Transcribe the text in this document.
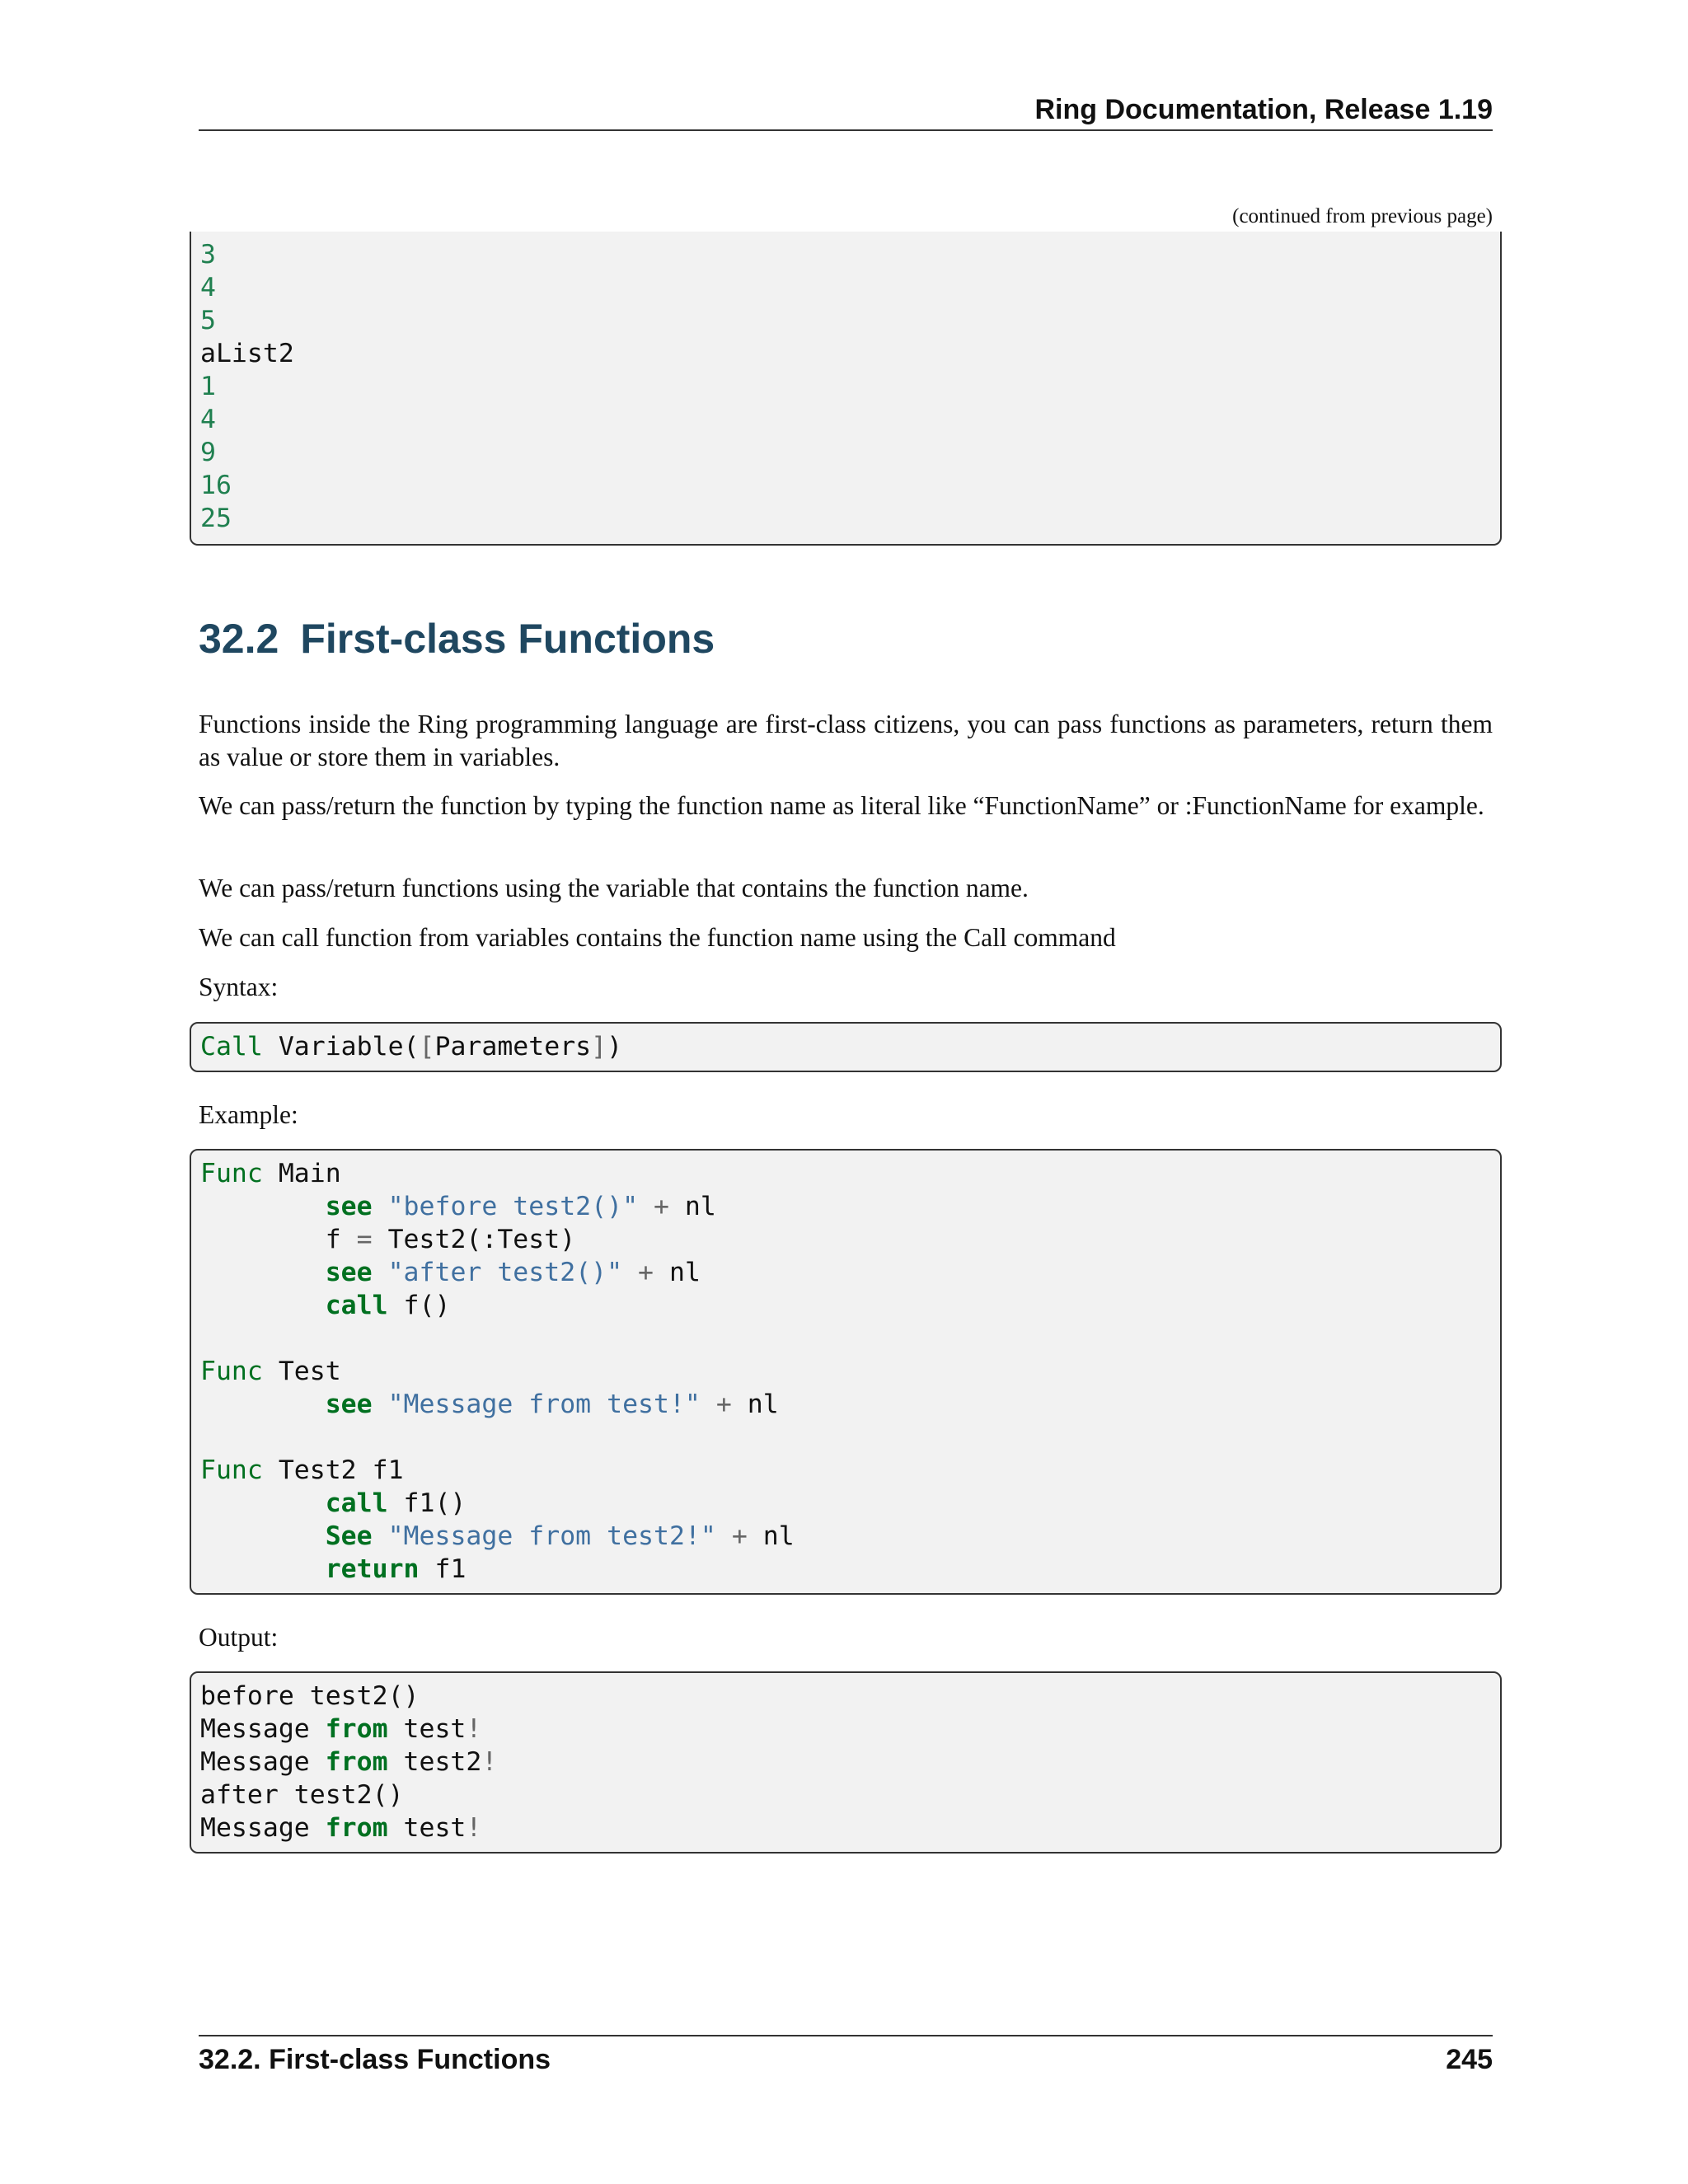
Ring Documentation, Release 1.19
(continued from previous page)
3
4
5
aList2
1
4
9
16
25
32.2 First-class Functions

Functions inside the Ring programming language are first-class citizens, you can pass functions as parameters, return them as value or store them in variables.

We can pass/return the function by typing the function name as literal like “FunctionName” or :FunctionName for example.

We can pass/return functions using the variable that contains the function name.

We can call function from variables contains the function name using the Call command

Syntax:

Call Variable([Parameters])

Example:

Func Main
see "before test2()" + nl
f = Test2(:Test)
see "after test2()" + nl
call f()
Func Test
see "Message from test!" + nl
Func Test2 f1
call f1()
See "Message from test2!" + nl
return f1

Output:

before test2()
Message from test!
Message from test2!
after test2()
Message from test!
32.2. First-class Functions	245
